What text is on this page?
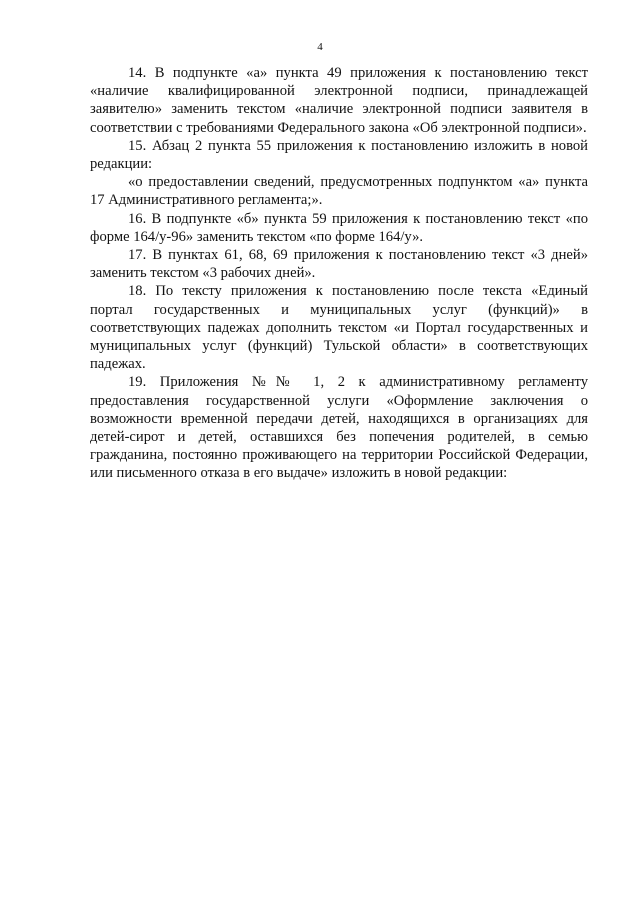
4

14. В подпункте «а» пункта 49 приложения к постановлению текст «наличие квалифицированной электронной подписи, принадлежащей заявителю» заменить текстом «наличие электронной подписи заявителя в соответствии с требованиями Федерального закона «Об электронной подписи».

15. Абзац 2 пункта 55 приложения к постановлению изложить в новой редакции:

«о предоставлении сведений, предусмотренных подпунктом «а» пункта 17 Административного регламента;».

16. В подпункте «б» пункта 59 приложения к постановлению текст «по форме 164/у-96» заменить текстом «по форме 164/у».

17. В пунктах 61, 68, 69 приложения к постановлению текст «3 дней» заменить текстом «3 рабочих дней».

18. По тексту приложения к постановлению после текста «Единый портал государственных и муниципальных услуг (функций)» в соответствующих падежах дополнить текстом «и Портал государственных и муниципальных услуг (функций) Тульской области» в соответствующих падежах.

19. Приложения №№ 1, 2 к административному регламенту предоставления государственной услуги «Оформление заключения о возможности временной передачи детей, находящихся в организациях для детей-сирот и детей, оставшихся без попечения родителей, в семью гражданина, постоянно проживающего на территории Российской Федерации, или письменного отказа в его выдаче» изложить в новой редакции:
